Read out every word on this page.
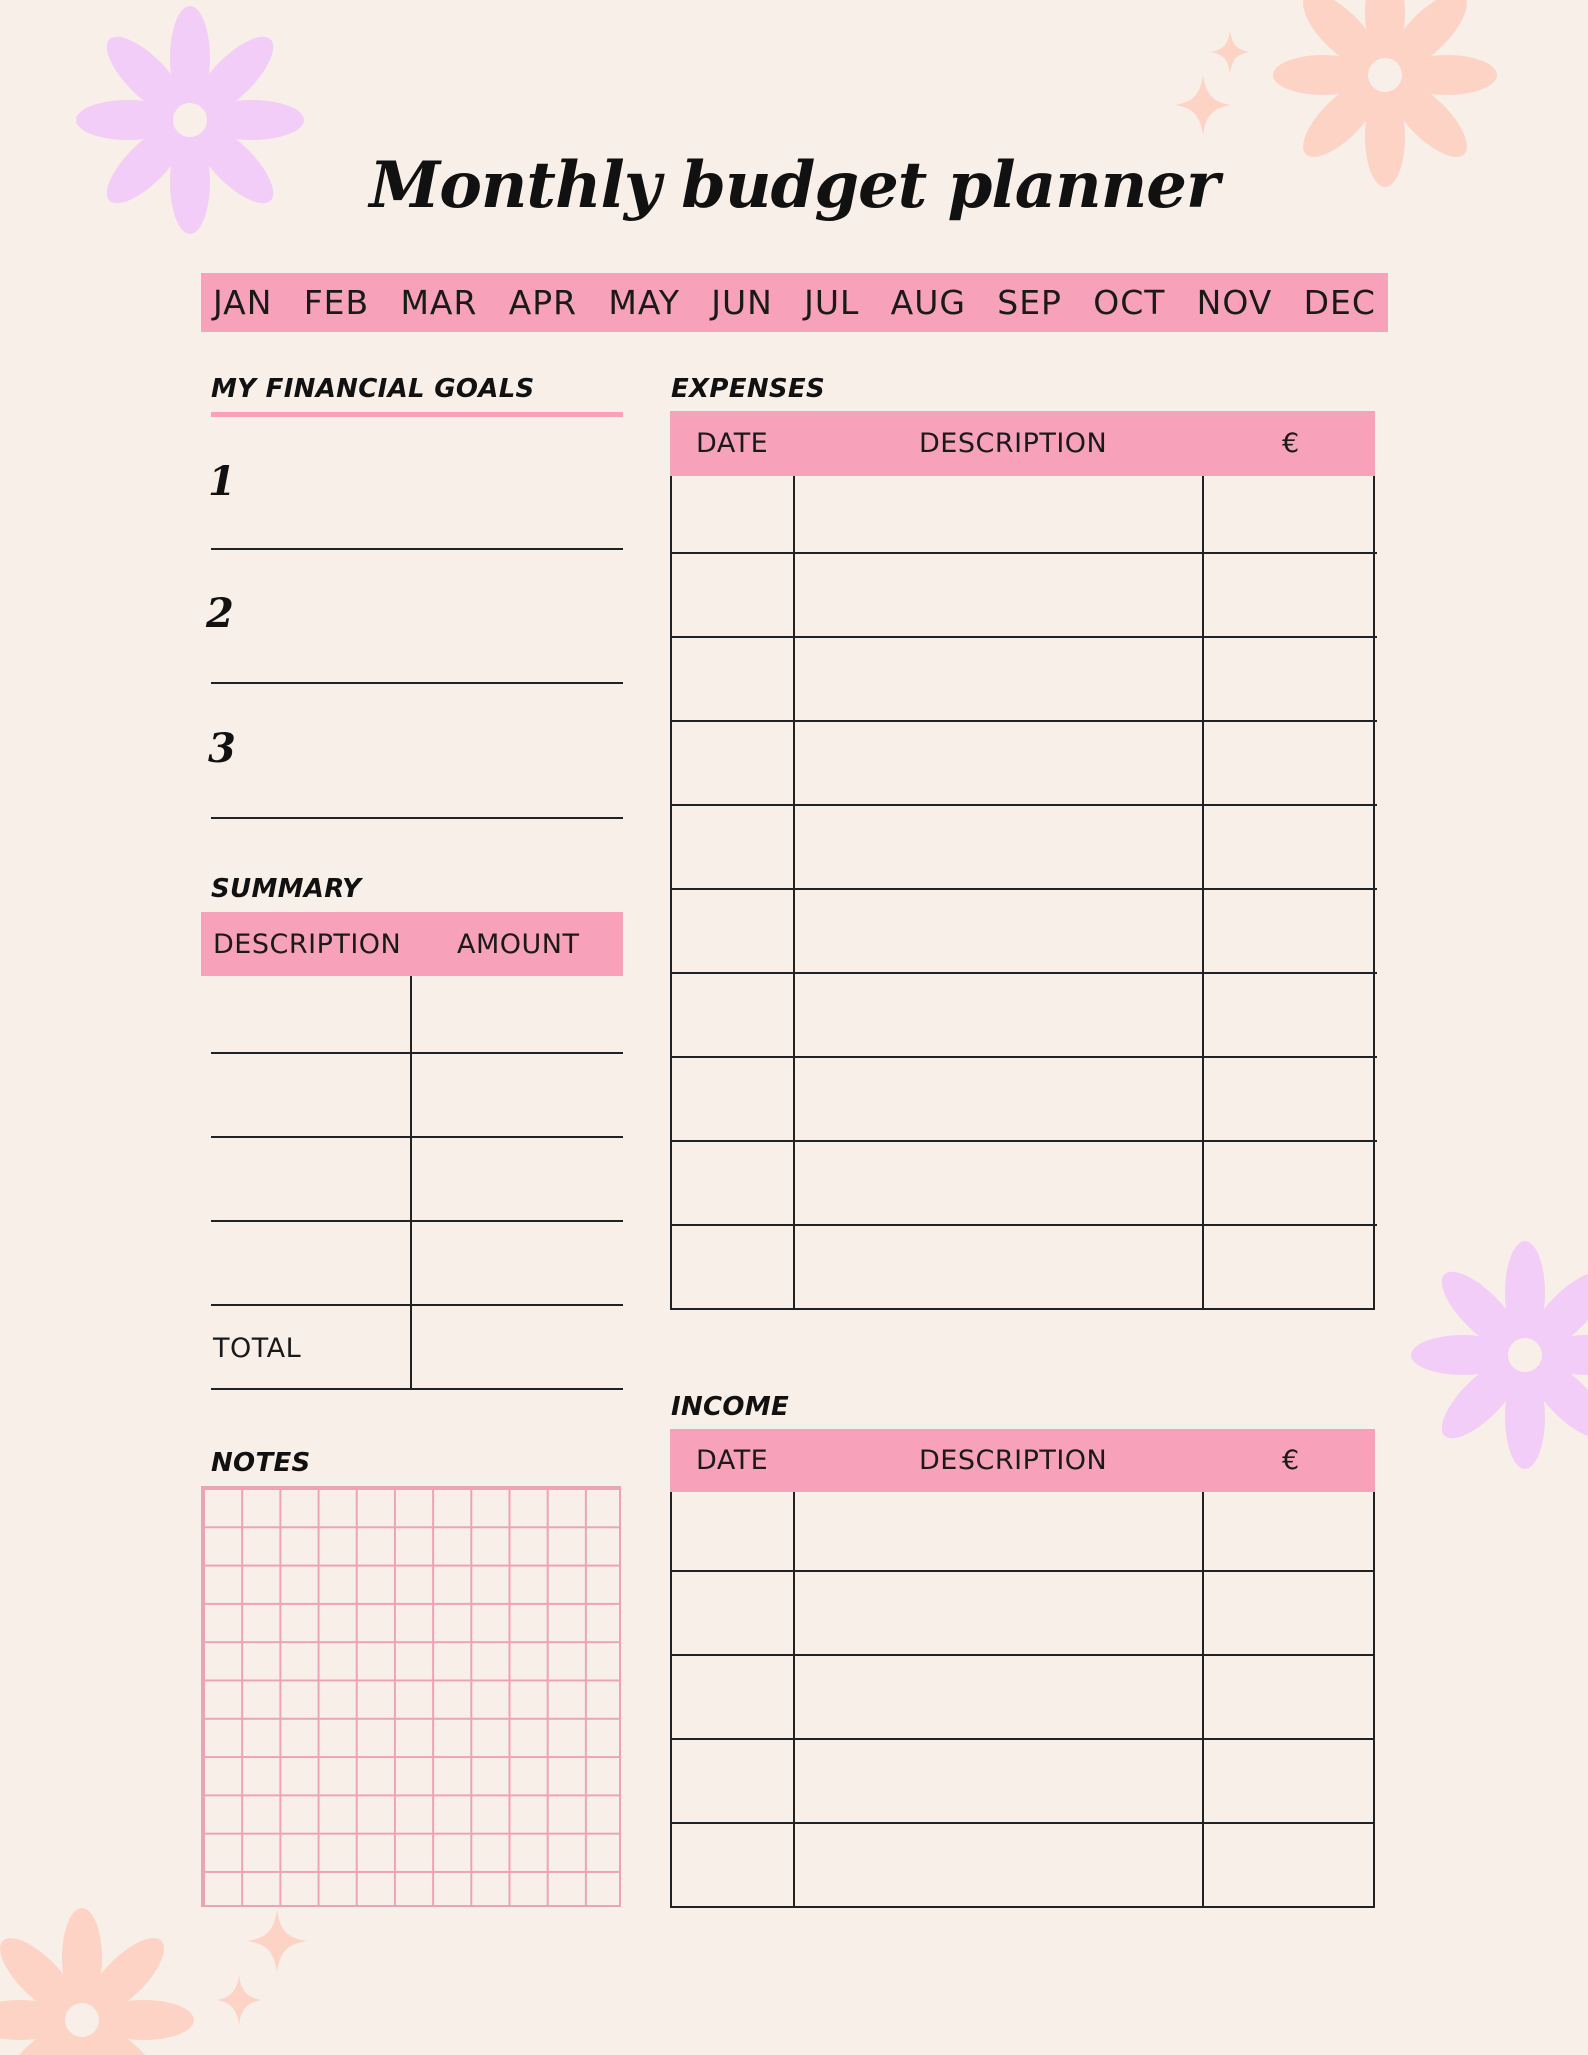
Monthly budget planner
JAN FEB MAR APR MAY JUN JUL AUG SEP OCT NOV DEC
MY FINANCIAL GOALS
1
2
3
SUMMARY
DESCRIPTION AMOUNT
TOTAL
NOTES
EXPENSES
DATE	DESCRIPTION	€
INCOME
DATE	DESCRIPTION	€
